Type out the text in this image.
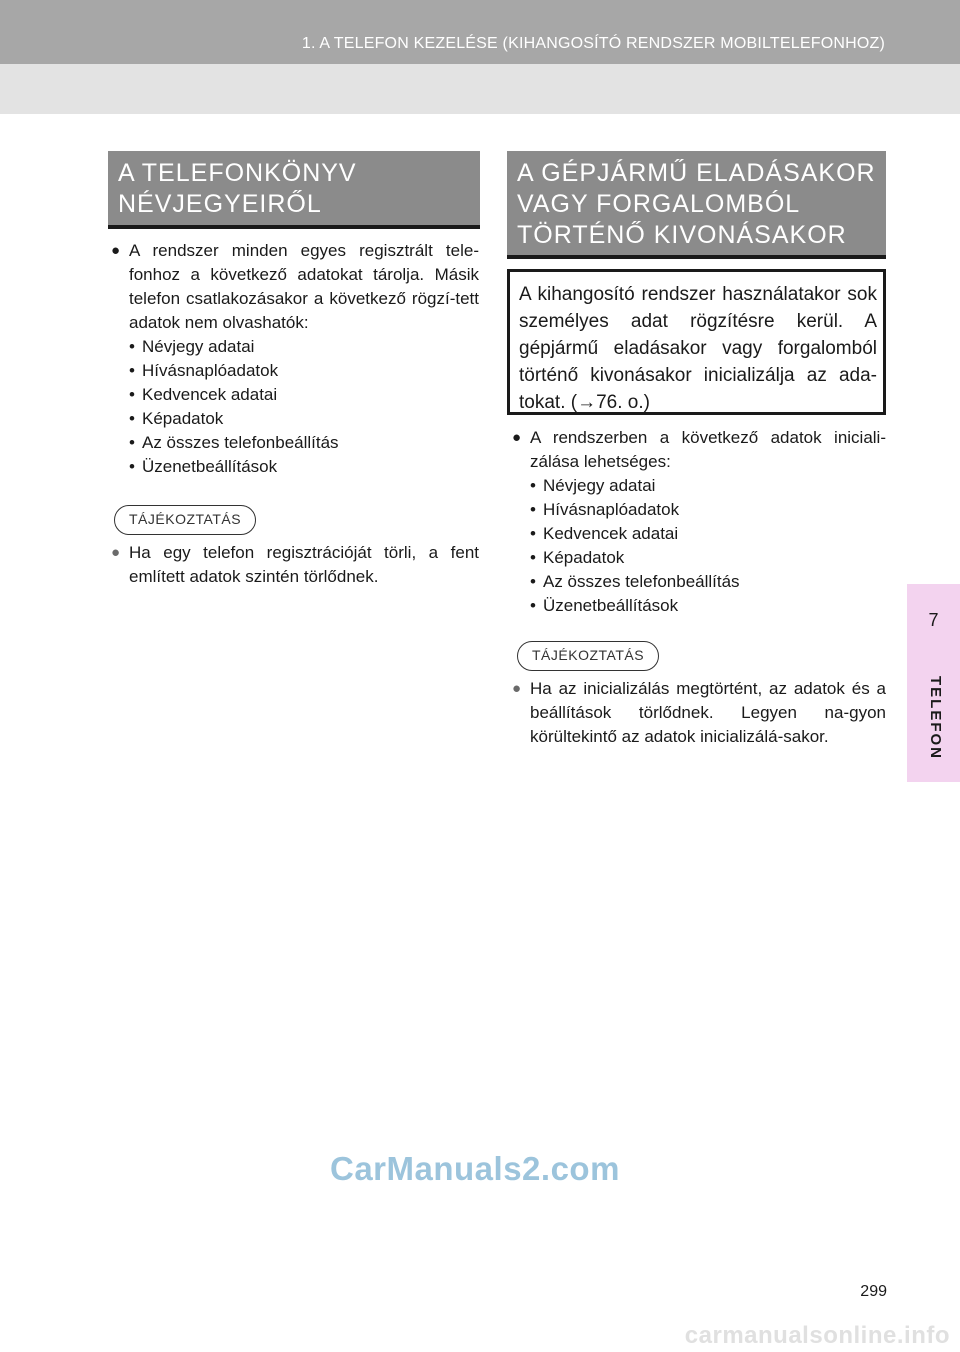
1. A TELEFON KEZELÉSE (KIHANGOSÍTÓ RENDSZER MOBILTELEFONHOZ)
7
TELEFON
A TELEFONKÖNYV
NÉVJEGYEIRŐL
● A rendszer minden egyes regisztrált tele-fonhoz a következő adatokat tárolja. Másik telefon csatlakozásakor a következő rögzí-tett adatok nem olvashatók:
• Névjegy adatai
• Hívásnaplóadatok
• Kedvencek adatai
• Képadatok
• Az összes telefonbeállítás
• Üzenetbeállítások
TÁJÉKOZTATÁS
● Ha egy telefon regisztrációját törli, a fent említett adatok szintén törlődnek.
A GÉPJÁRMŰ ELADÁSAKOR
VAGY FORGALOMBÓL
TÖRTÉNŐ KIVONÁSAKOR
A kihangosító rendszer használatakor sok személyes adat rögzítésre kerül. A gépjármű eladásakor vagy forgalomból történő kivonásakor inicializálja az ada-tokat. (→76. o.)
● A rendszerben a következő adatok iniciali-zálása lehetséges:
• Névjegy adatai
• Hívásnaplóadatok
• Kedvencek adatai
• Képadatok
• Az összes telefonbeállítás
• Üzenetbeállítások
TÁJÉKOZTATÁS
● Ha az inicializálás megtörtént, az adatok és a beállítások törlődnek. Legyen na-gyon körültekintő az adatok inicializálá-sakor.
CarManuals2.com
299
carmanualsonline.info
